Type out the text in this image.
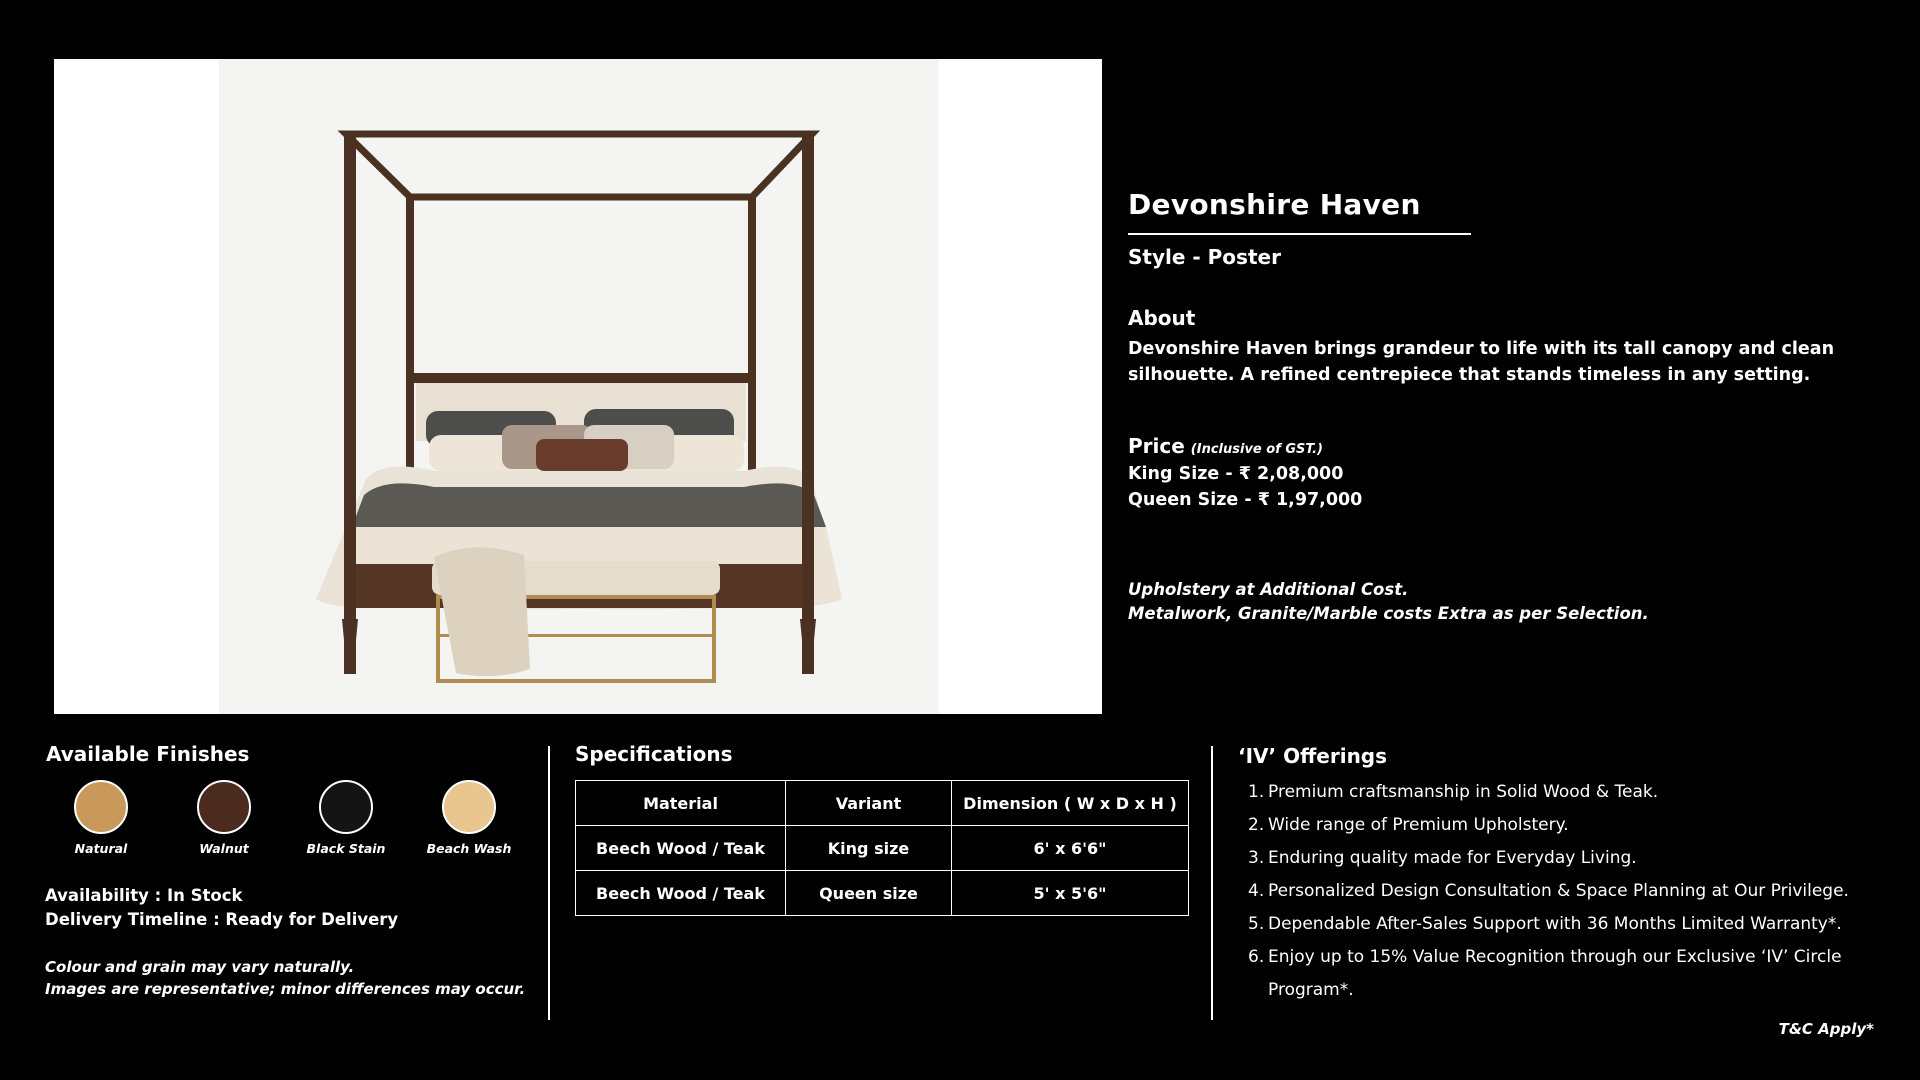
Devonshire Haven
Style - Poster
About
Devonshire Haven brings grandeur to life with its tall canopy and clean silhouette. A refined centrepiece that stands timeless in any setting.
Price (Inclusive of GST.)
King Size - ₹ 2,08,000
Queen Size - ₹ 1,97,000
Upholstery at Additional Cost.
Metalwork, Granite/Marble costs Extra as per Selection.
Available Finishes
Natural	Walnut	Black Stain	Beach Wash
Availability : In Stock
Delivery Timeline : Ready for Delivery
Colour and grain may vary naturally.
Images are representative; minor differences may occur.
Specifications
Material	Variant	Dimension ( W x D x H )
Beech Wood / Teak	King size	6' x 6'6"
Beech Wood / Teak	Queen size	5' x 5'6"
‘IV’ Offerings
1. Premium craftsmanship in Solid Wood & Teak.
2. Wide range of Premium Upholstery.
3. Enduring quality made for Everyday Living.
4. Personalized Design Consultation & Space Planning at Our Privilege.
5. Dependable After-Sales Support with 36 Months Limited Warranty*.
6. Enjoy up to 15% Value Recognition through our Exclusive ‘IV’ Circle Program*.
T&C Apply*
